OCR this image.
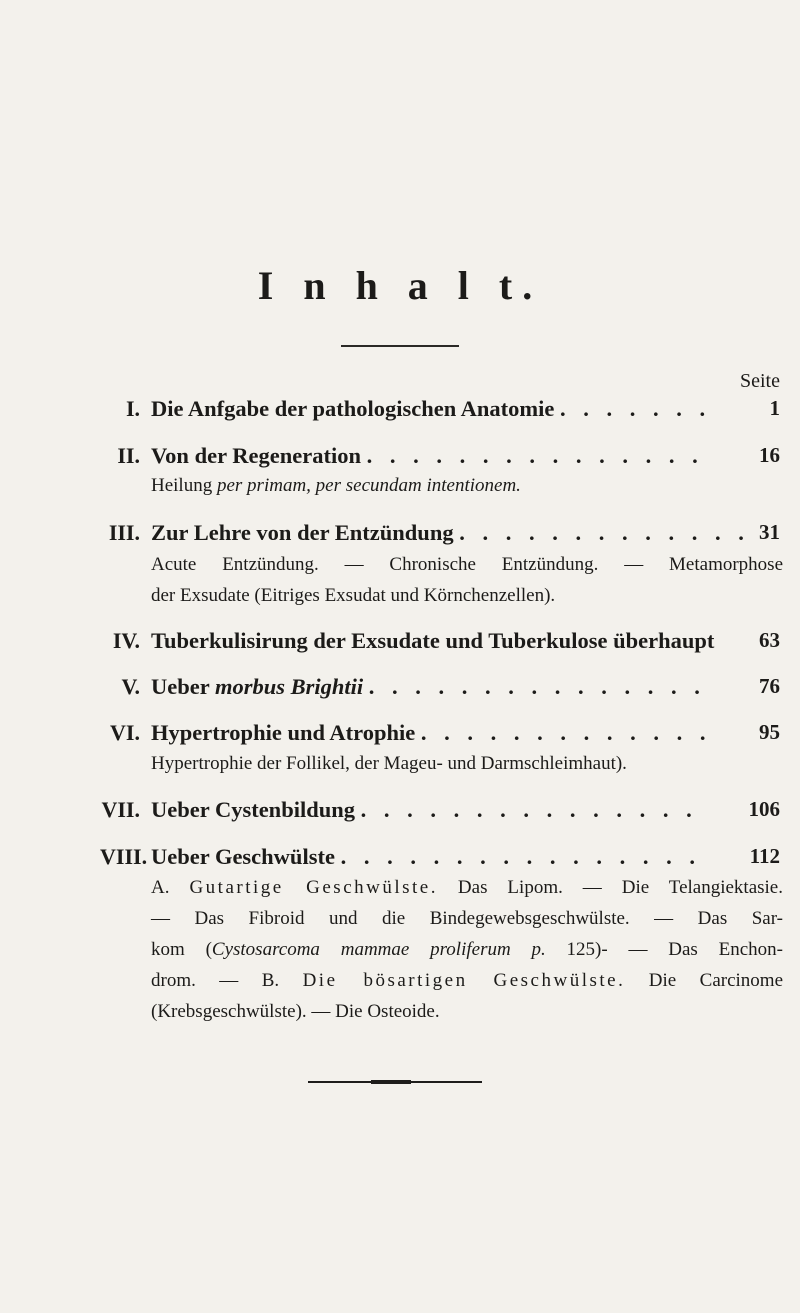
I n h a l t.
Seite
I. Die Anfgabe der pathologischen Anatomie . . . . . . .	1
II. Von der Regeneration . . . . . . . . . . . . . . .	16
Heilung per primam, per secundam intentionem.
III. Zur Lehre von der Entzündung . . . . . . . . . . . . . 31
Acute Entzündung. — Chronische Entzündung. — Metamorphose
der Exsudate (Eitriges Exsudat und Körnchenzellen).
IV. Tuberkulisirung der Exsudate und Tuberkulose überhaupt	63
V. Ueber morbus Brightii . . . . . . . . . . . . . . .	76
VI. Hypertrophie und Atrophie . . . . . . . . . . . . .	95
Hypertrophie der Follikel, der Mageu- und Darmschleimhaut).
VII. Ueber Cystenbildung . . . . . . . . . . . . . . .	106
VIII. Ueber Geschwülste . . . . . . . . . . . . . . . .	112
A. Gutartige Geschwülste. Das Lipom. — Die Telangiektasie.
— Das Fibroid und die Bindegewebsgeschwülste. — Das Sar-
kom (Cystosarcoma mammae proliferum p. 125)- — Das Enchon-
drom. — B. Die bösartigen Geschwülste. Die Carcinome
(Krebsgeschwülste). — Die Osteoide.
